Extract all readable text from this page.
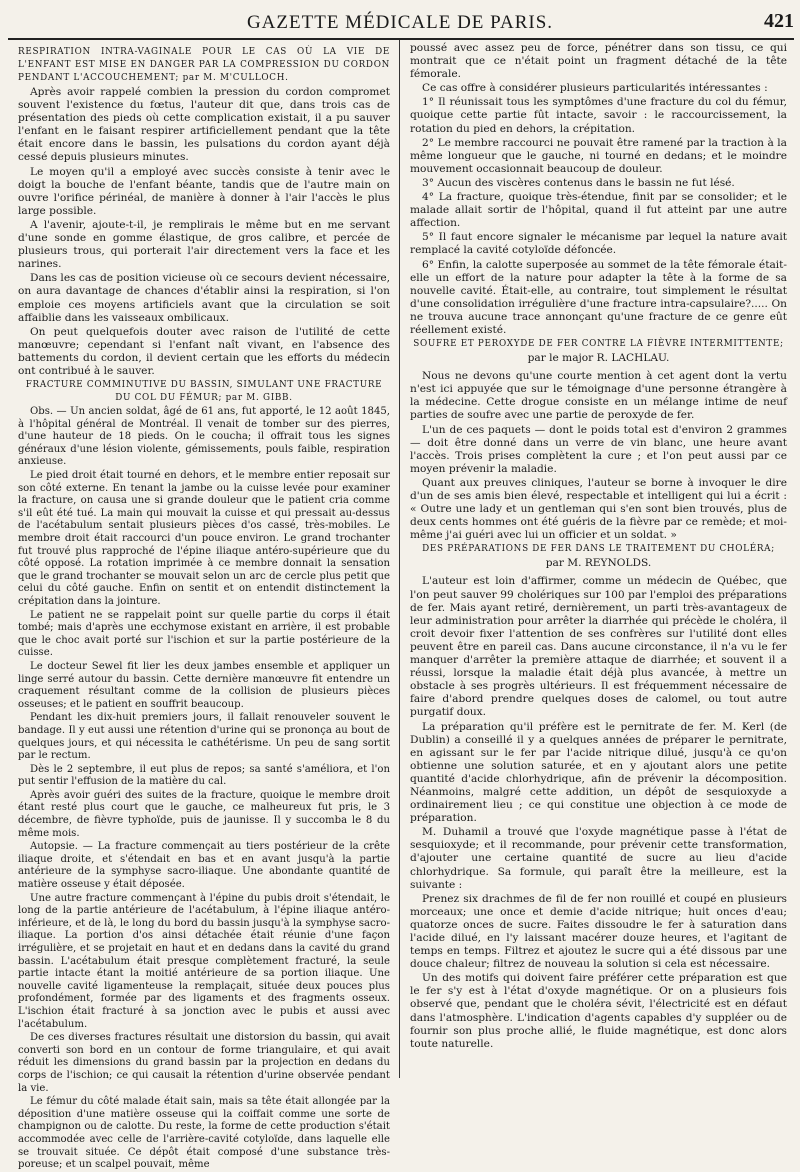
GAZETTE MÉDICALE DE PARIS.	421

RESPIRATION INTRA-VAGINALE POUR LE CAS OÙ LA VIE DE L'ENFANT EST MISE EN DANGER PAR LA COMPRESSION DU CORDON PENDANT L'ACCOUCHEMENT; par M. M'CULLOCH.

Après avoir rappelé combien la pression du cordon compromet souvent l'existence du fœtus, l'auteur dit que, dans trois cas de présentation des pieds où cette complication existait, il a pu sauver l'enfant en le faisant respirer artificiellement pendant que la tête était encore dans le bassin, les pulsations du cordon ayant déjà cessé depuis plusieurs minutes.

Le moyen qu'il a employé avec succès consiste à tenir avec le doigt la bouche de l'enfant béante, tandis que de l'autre main on ouvre l'orifice périnéal, de manière à donner à l'air l'accès le plus large possible.

A l'avenir, ajoute-t-il, je remplirais le même but en me servant d'une sonde en gomme élastique, de gros calibre, et percée de plusieurs trous, qui porterait l'air directement vers la face et les narines.

Dans les cas de position vicieuse où ce secours devient nécessaire, on aura davantage de chances d'établir ainsi la respiration, si l'on emploie ces moyens artificiels avant que la circulation se soit affaiblie dans les vaisseaux ombilicaux.

On peut quelquefois douter avec raison de l'utilité de cette manœuvre; cependant si l'enfant naît vivant, en l'absence des battements du cordon, il devient certain que les efforts du médecin ont contribué à le sauver.

FRACTURE COMMINUTIVE DU BASSIN, SIMULANT UNE FRACTURE DU COL DU FÉMUR; par M. GIBB.

Obs. — Un ancien soldat, âgé de 61 ans, fut apporté, le 12 août 1845, à l'hôpital général de Montréal. Il venait de tomber sur des pierres, d'une hauteur de 18 pieds. On le coucha; il offrait tous les signes généraux d'une lésion violente, gémissements, pouls faible, respiration anxieuse.

Le pied droit était tourné en dehors, et le membre entier reposait sur son côté externe. En tenant la jambe ou la cuisse levée pour examiner la fracture, on causa une si grande douleur que le patient cria comme s'il eût été tué. La main qui mouvait la cuisse et qui pressait au-dessus de l'acétabulum sentait plusieurs pièces d'os cassé, très-mobiles. Le membre droit était raccourci d'un pouce environ. Le grand trochanter fut trouvé plus rapproché de l'épine iliaque antéro-supérieure que du côté opposé. La rotation imprimée à ce membre donnait la sensation que le grand trochanter se mouvait selon un arc de cercle plus petit que celui du côté gauche. Enfin on sentit et on entendit distinctement la crépitation dans la jointure.

Le patient ne se rappelait point sur quelle partie du corps il était tombé; mais d'après une ecchymose existant en arrière, il est probable que le choc avait porté sur l'ischion et sur la partie postérieure de la cuisse.

Le docteur Sewel fit lier les deux jambes ensemble et appliquer un linge serré autour du bassin. Cette dernière manœuvre fit entendre un craquement résultant comme de la collision de plusieurs pièces osseuses; et le patient en souffrit beaucoup.

Pendant les dix-huit premiers jours, il fallait renouveler souvent le bandage. Il y eut aussi une rétention d'urine qui se prononça au bout de quelques jours, et qui nécessita le cathétérisme. Un peu de sang sortit par le rectum.

Dès le 2 septembre, il eut plus de repos; sa santé s'améliora, et l'on put sentir l'effusion de la matière du cal.

Après avoir guéri des suites de la fracture, quoique le membre droit étant resté plus court que le gauche, ce malheureux fut pris, le 3 décembre, de fièvre typhoïde, puis de jaunisse. Il y succomba le 8 du même mois.

Autopsie. — La fracture commençait au tiers postérieur de la crête iliaque droite, et s'étendait en bas et en avant jusqu'à la partie antérieure de la symphyse sacro-iliaque. Une abondante quantité de matière osseuse y était déposée.

Une autre fracture commençant à l'épine du pubis droit s'étendait, le long de la partie antérieure de l'acétabulum, à l'épine iliaque antéro-inférieure, et de là, le long du bord du bassin jusqu'à la symphyse sacro-iliaque. La portion d'os ainsi détachée était réunie d'une façon irrégulière, et se projetait en haut et en dedans dans la cavité du grand bassin. L'acétabulum était presque complètement fracturé, la seule partie intacte étant la moitié antérieure de sa portion iliaque. Une nouvelle cavité ligamenteuse la remplaçait, située deux pouces plus profondément, formée par des ligaments et des fragments osseux. L'ischion était fracturé à sa jonction avec le pubis et aussi avec l'acétabulum.

De ces diverses fractures résultait une distorsion du bassin, qui avait converti son bord en un contour de forme triangulaire, et qui avait réduit les dimensions du grand bassin par la projection en dedans du corps de l'ischion; ce qui causait la rétention d'urine observée pendant la vie.

Le fémur du côté malade était sain, mais sa tête était allongée par la déposition d'une matière osseuse qui la coiffait comme une sorte de champignon ou de calotte. Du reste, la forme de cette production s'était accommodée avec celle de l'arrière-cavité cotyloïde, dans laquelle elle se trouvait située. Ce dépôt était composé d'une substance très-poreuse; et un scalpel pouvait, même

poussé avec assez peu de force, pénétrer dans son tissu, ce qui montrait que ce n'était point un fragment détaché de la tête fémorale.

Ce cas offre à considérer plusieurs particularités intéressantes :

1° Il réunissait tous les symptômes d'une fracture du col du fémur, quoique cette partie fût intacte, savoir : le raccourcissement, la rotation du pied en dehors, la crépitation.

2° Le membre raccourci ne pouvait être ramené par la traction à la même longueur que le gauche, ni tourné en dedans; et le moindre mouvement occasionnait beaucoup de douleur.

3° Aucun des viscères contenus dans le bassin ne fut lésé.

4° La fracture, quoique très-étendue, finit par se consolider; et le malade allait sortir de l'hôpital, quand il fut atteint par une autre affection.

5° Il faut encore signaler le mécanisme par lequel la nature avait remplacé la cavité cotyloïde défoncée.

6° Enfin, la calotte superposée au sommet de la tête fémorale était-elle un effort de la nature pour adapter la tête à la forme de sa nouvelle cavité. Était-elle, au contraire, tout simplement le résultat d'une consolidation irrégulière d'une fracture intra-capsulaire?..... On ne trouva aucune trace annonçant qu'une fracture de ce genre eût réellement existé.

SOUFRE ET PEROXYDE DE FER CONTRE LA FIÈVRE INTERMITTENTE;

par le major R. LACHLAU.

Nous ne devons qu'une courte mention à cet agent dont la vertu n'est ici appuyée que sur le témoignage d'une personne étrangère à la médecine. Cette drogue consiste en un mélange intime de neuf parties de soufre avec une partie de peroxyde de fer.

L'un de ces paquets — dont le poids total est d'environ 2 grammes — doit être donné dans un verre de vin blanc, une heure avant l'accès. Trois prises complètent la cure ; et l'on peut aussi par ce moyen prévenir la maladie.

Quant aux preuves cliniques, l'auteur se borne à invoquer le dire d'un de ses amis bien élevé, respectable et intelligent qui lui a écrit : « Outre une lady et un gentleman qui s'en sont bien trouvés, plus de deux cents hommes ont été guéris de la fièvre par ce remède; et moi-même j'ai guéri avec lui un officier et un soldat. »

DES PRÉPARATIONS DE FER DANS LE TRAITEMENT DU CHOLÉRA;

par M. REYNOLDS.

L'auteur est loin d'affirmer, comme un médecin de Québec, que l'on peut sauver 99 cholériques sur 100 par l'emploi des préparations de fer. Mais ayant retiré, dernièrement, un parti très-avantageux de leur administration pour arrêter la diarrhée qui précède le choléra, il croit devoir fixer l'attention de ses confrères sur l'utilité dont elles peuvent être en pareil cas. Dans aucune circonstance, il n'a vu le fer manquer d'arrêter la première attaque de diarrhée; et souvent il a réussi, lorsque la maladie était déjà plus avancée, à mettre un obstacle à ses progrès ultérieurs. Il est fréquemment nécessaire de faire d'abord prendre quelques doses de calomel, ou tout autre purgatif doux.

La préparation qu'il préfère est le pernitrate de fer. M. Kerl (de Dublin) a conseillé il y a quelques années de préparer le pernitrate, en agissant sur le fer par l'acide nitrique dilué, jusqu'à ce qu'on obtienne une solution saturée, et en y ajoutant alors une petite quantité d'acide chlorhydrique, afin de prévenir la décomposition. Néanmoins, malgré cette addition, un dépôt de sesquioxyde a ordinairement lieu ; ce qui constitue une objection à ce mode de préparation.

M. Duhamil a trouvé que l'oxyde magnétique passe à l'état de sesquioxyde; et il recommande, pour prévenir cette transformation, d'ajouter une certaine quantité de sucre au lieu d'acide chlorhydrique. Sa formule, qui paraît être la meilleure, est la suivante :

Prenez six drachmes de fil de fer non rouillé et coupé en plusieurs morceaux; une once et demie d'acide nitrique; huit onces d'eau; quatorze onces de sucre. Faites dissoudre le fer à saturation dans l'acide dilué, en l'y laissant macérer douze heures, et l'agitant de temps en temps. Filtrez et ajoutez le sucre qui a été dissous par une douce chaleur; filtrez de nouveau la solution si cela est nécessaire.

Un des motifs qui doivent faire préférer cette préparation est que le fer s'y est à l'état d'oxyde magnétique. Or on a plusieurs fois observé que, pendant que le choléra sévit, l'électricité est en défaut dans l'atmosphère. L'indication d'agents capables d'y suppléer ou de fournir son plus proche allié, le fluide magnétique, est donc alors toute naturelle.
